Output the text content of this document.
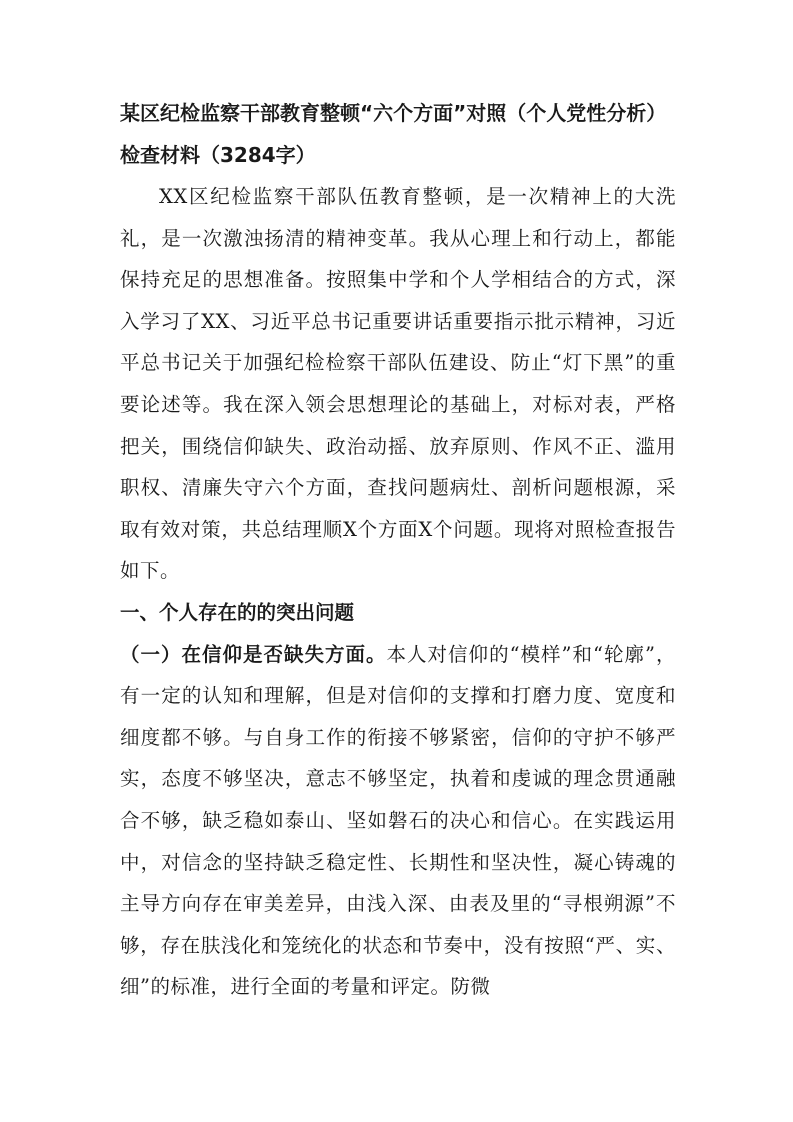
某区纪检监察干部教育整顿“六个方面”对照（个人党性分析）检查材料（3284字）

XX区纪检监察干部队伍教育整顿，是一次精神上的大洗礼，是一次激浊扬清的精神变革。我从心理上和行动上，都能保持充足的思想准备。按照集中学和个人学相结合的方式，深入学习了XX、习近平总书记重要讲话重要指示批示精神，习近平总书记关于加强纪检检察干部队伍建设、防止“灯下黑”的重要论述等。我在深入领会思想理论的基础上，对标对表，严格把关，围绕信仰缺失、政治动摇、放弃原则、作风不正、滥用职权、清廉失守六个方面，查找问题病灶、剖析问题根源，采取有效对策，共总结理顺X个方面X个问题。现将对照检查报告如下。

一、个人存在的的突出问题

（一）在信仰是否缺失方面。本人对信仰的“模样”和“轮廓”，有一定的认知和理解，但是对信仰的支撑和打磨力度、宽度和细度都不够。与自身工作的衔接不够紧密，信仰的守护不够严实，态度不够坚决，意志不够坚定，执着和虔诚的理念贯通融合不够，缺乏稳如泰山、坚如磐石的决心和信心。在实践运用中，对信念的坚持缺乏稳定性、长期性和坚决性，凝心铸魂的主导方向存在审美差异，由浅入深、由表及里的“寻根朔源”不够，存在肤浅化和笼统化的状态和节奏中，没有按照“严、实、细”的标准，进行全面的考量和评定。防微
